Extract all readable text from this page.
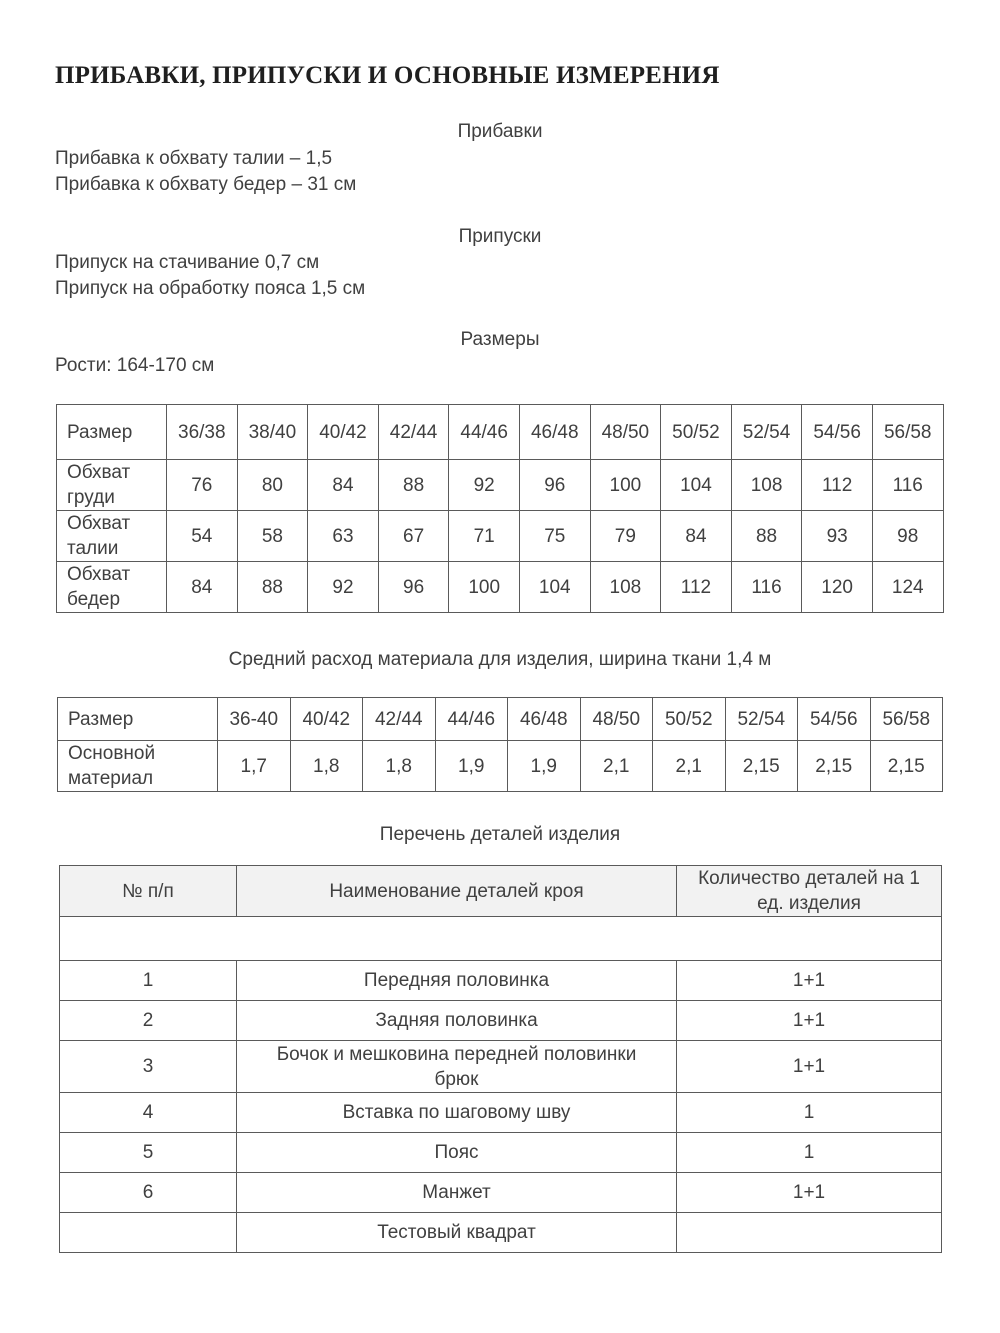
ПРИБАВКИ, ПРИПУСКИ И ОСНОВНЫЕ ИЗМЕРЕНИЯ
Прибавки
Прибавка к обхвату талии – 1,5
Прибавка к обхвату бедер – 31 см
Припуски
Припуск на стачивание 0,7 см
Припуск на обработку пояса 1,5 см
Размеры
Рости: 164-170 см
Размер	36/38	38/40	40/42	42/44	44/46	46/48	48/50	50/52	52/54	54/56	56/58
Обхват
груди	76	80	84	88	92	96	100	104	108	112	116
Обхват
талии	54	58	63	67	71	75	79	84	88	93	98
Обхват
бедер	84	88	92	96	100	104	108	112	116	120	124
Средний расход материала для изделия, ширина ткани 1,4 м
Размер	36-40	40/42	42/44	44/46	46/48	48/50	50/52	52/54	54/56	56/58
Основной
материал	1,7	1,8	1,8	1,9	1,9	2,1	2,1	2,15	2,15	2,15
Перечень деталей изделия
№ п/п	Наименование деталей кроя	Количество деталей на 1
ед. изделия

1	Передняя половинка	1+1
2	Задняя половинка	1+1
3	Бочок и мешковина передней половинки
брюк	1+1
4	Вставка по шаговому шву	1
5	Пояс	1
6	Манжет	1+1
	Тестовый квадрат	
